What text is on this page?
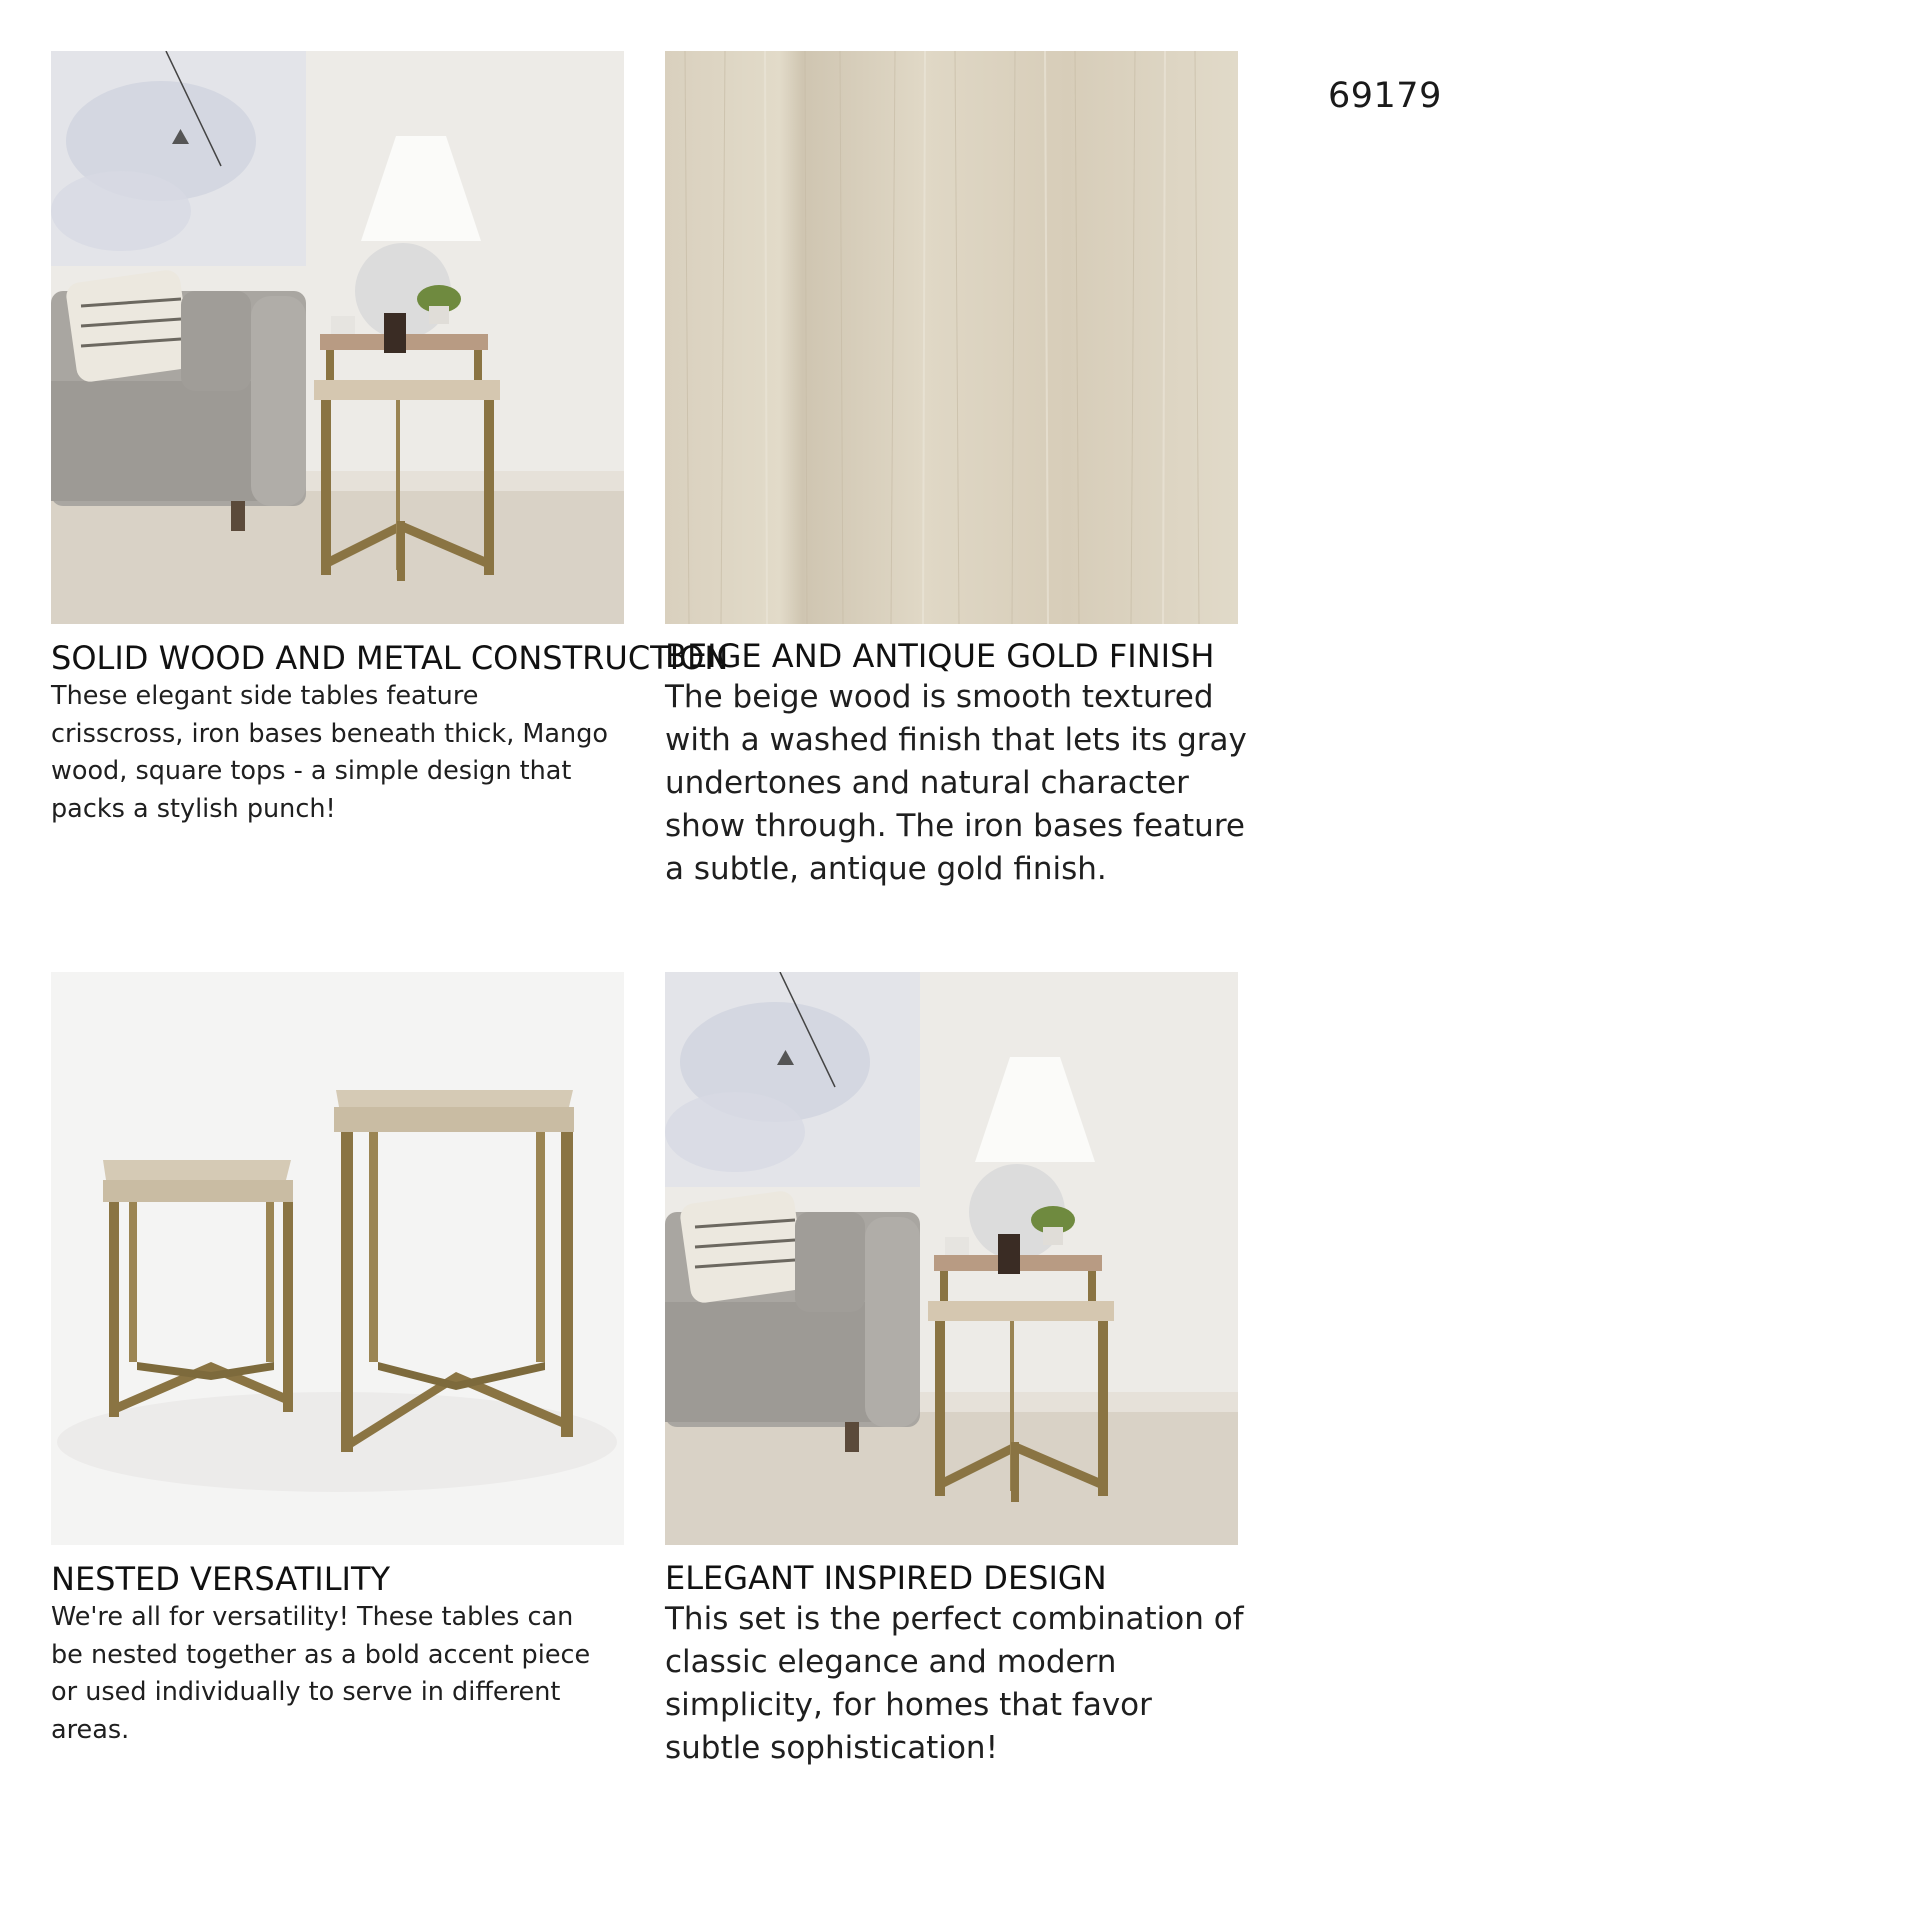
69179
SOLID WOOD AND METAL CONSTRUCTION

These elegant side tables feature crisscross, iron bases beneath thick, Mango wood, square tops - a simple design that packs a stylish punch!

BEIGE AND ANTIQUE GOLD FINISH

The beige wood is smooth textured with a washed finish that lets its gray undertones and natural character show through. The iron bases feature a subtle, antique gold finish.

NESTED VERSATILITY

We're all for versatility! These tables can be nested together as a bold accent piece or used individually to serve in different areas.

ELEGANT INSPIRED DESIGN

This set is the perfect combination of classic elegance and modern simplicity, for homes that favor subtle sophistication!
